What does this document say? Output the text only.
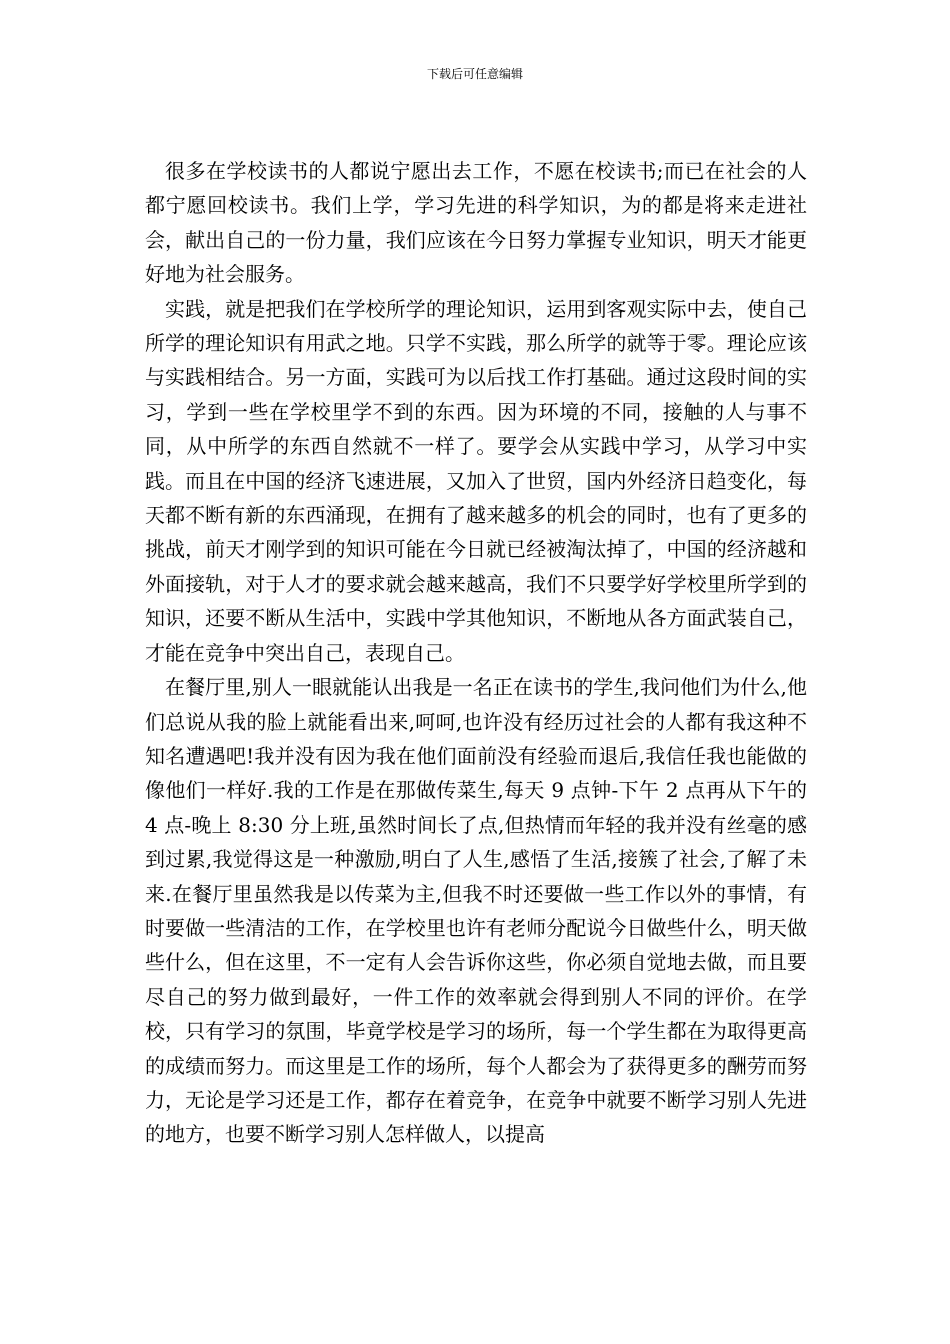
下载后可任意编辑

很多在学校读书的人都说宁愿出去工作，不愿在校读书;而已在社会的人都宁愿回校读书。我们上学，学习先进的科学知识，为的都是将来走进社会，献出自己的一份力量，我们应该在今日努力掌握专业知识，明天才能更好地为社会服务。

实践，就是把我们在学校所学的理论知识，运用到客观实际中去，使自己所学的理论知识有用武之地。只学不实践，那么所学的就等于零。理论应该与实践相结合。另一方面，实践可为以后找工作打基础。通过这段时间的实习，学到一些在学校里学不到的东西。因为环境的不同，接触的人与事不同，从中所学的东西自然就不一样了。要学会从实践中学习，从学习中实践。而且在中国的经济飞速进展，又加入了世贸，国内外经济日趋变化，每天都不断有新的东西涌现，在拥有了越来越多的机会的同时，也有了更多的挑战，前天才刚学到的知识可能在今日就已经被淘汰掉了，中国的经济越和外面接轨，对于人才的要求就会越来越高，我们不只要学好学校里所学到的知识，还要不断从生活中，实践中学其他知识，不断地从各方面武装自己，才能在竞争中突出自己，表现自己。

在餐厅里,别人一眼就能认出我是一名正在读书的学生,我问他们为什么,他们总说从我的脸上就能看出来,呵呵,也许没有经历过社会的人都有我这种不知名遭遇吧!我并没有因为我在他们面前没有经验而退后,我信任我也能做的像他们一样好.我的工作是在那做传菜生,每天 9 点钟-下午 2 点再从下午的 4 点-晚上 8:30 分上班,虽然时间长了点,但热情而年轻的我并没有丝毫的感到过累,我觉得这是一种激励,明白了人生,感悟了生活,接簇了社会,了解了未来.在餐厅里虽然我是以传菜为主,但我不时还要做一些工作以外的事情，有时要做一些清洁的工作，在学校里也许有老师分配说今日做些什么，明天做些什么，但在这里，不一定有人会告诉你这些，你必须自觉地去做，而且要尽自己的努力做到最好，一件工作的效率就会得到别人不同的评价。在学校，只有学习的氛围，毕竟学校是学习的场所，每一个学生都在为取得更高的成绩而努力。而这里是工作的场所，每个人都会为了获得更多的酬劳而努力，无论是学习还是工作，都存在着竞争，在竞争中就要不断学习别人先进的地方，也要不断学习别人怎样做人，以提高
